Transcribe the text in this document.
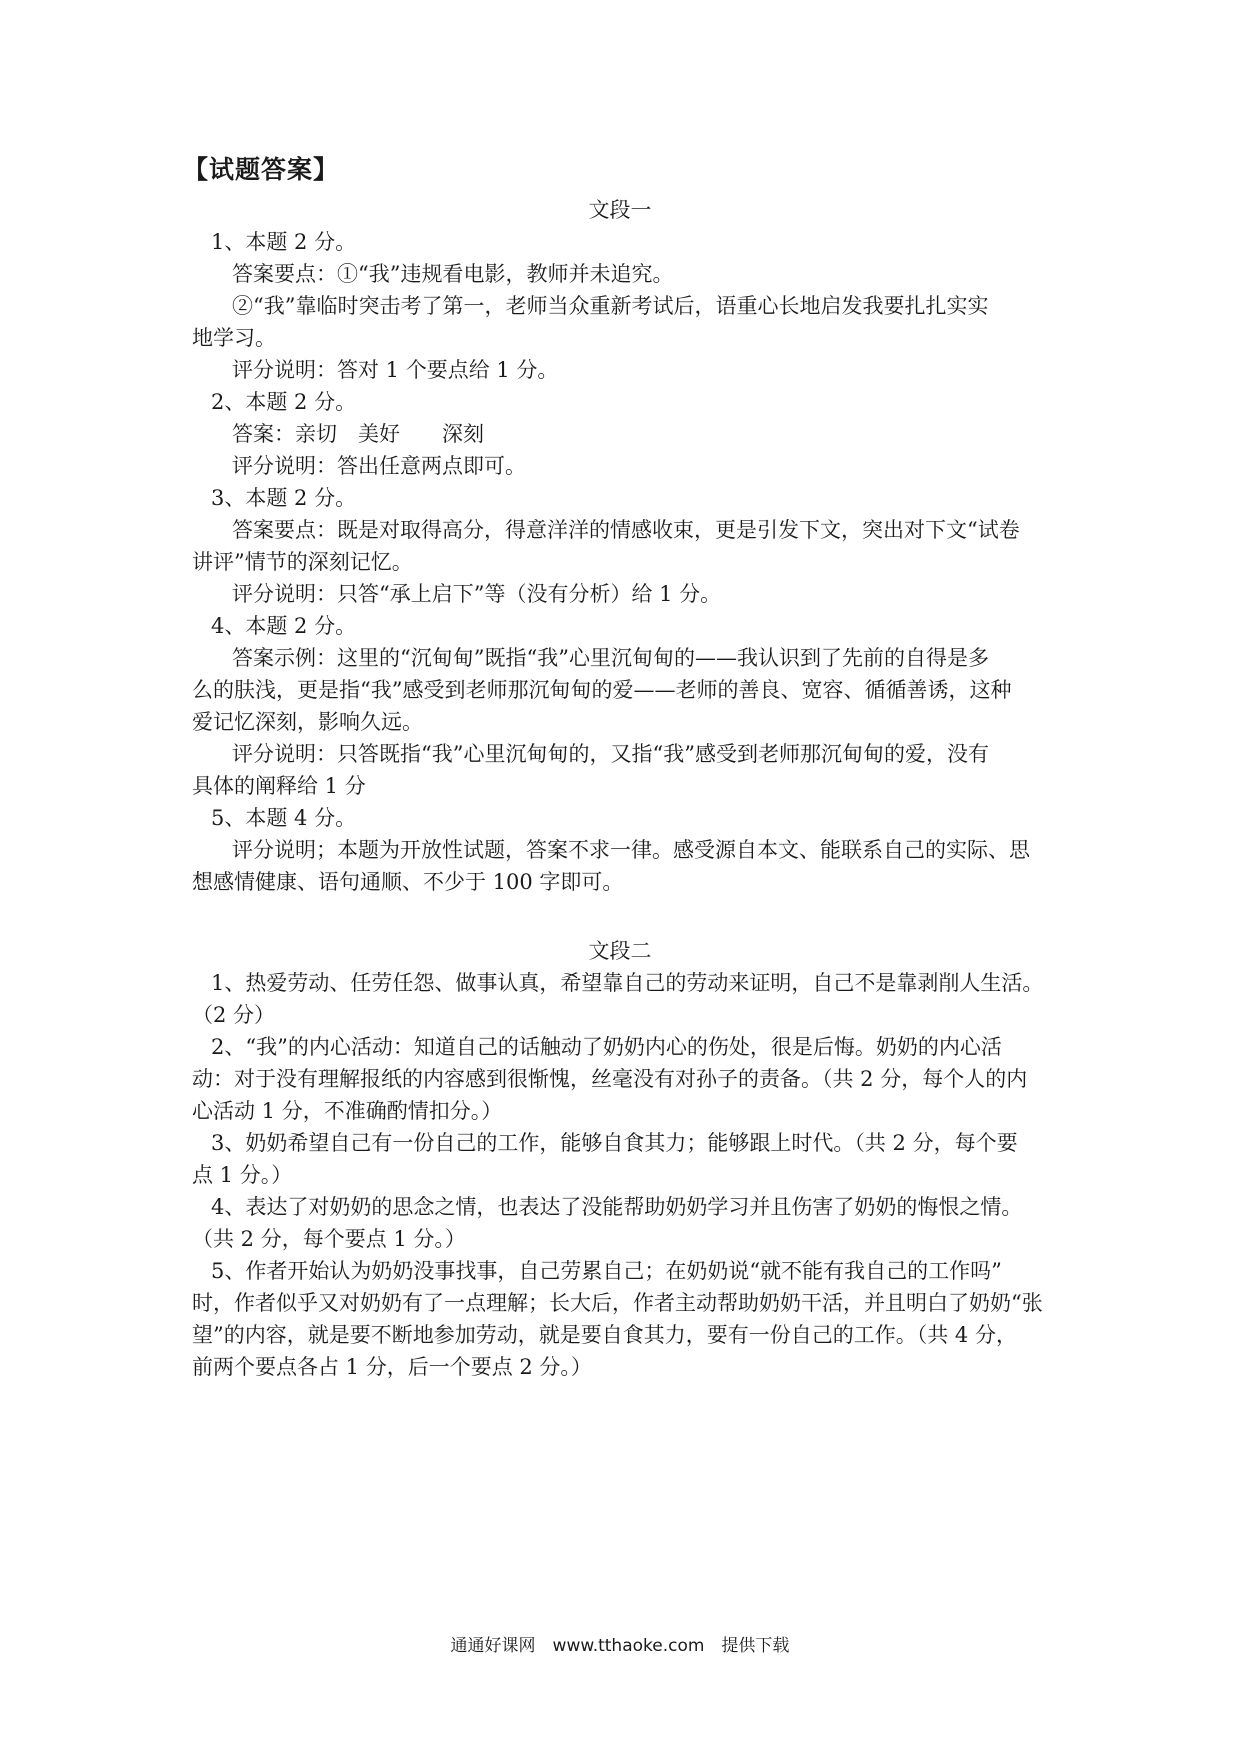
【试题答案】
文段一
1、本题 2 分。
答案要点：①“我”违规看电影，教师并未追究。
②“我”靠临时突击考了第一，老师当众重新考试后，语重心长地启发我要扎扎实实
地学习。
评分说明：答对 1 个要点给 1 分。
2、本题 2 分。
答案：亲切　美好　　深刻
评分说明：答出任意两点即可。
3、本题 2 分。
答案要点：既是对取得高分，得意洋洋的情感收束，更是引发下文，突出对下文“试卷
讲评”情节的深刻记忆。
评分说明：只答“承上启下”等（没有分析）给 1 分。
4、本题 2 分。
答案示例：这里的“沉甸甸”既指“我”心里沉甸甸的——我认识到了先前的自得是多
么的肤浅，更是指“我”感受到老师那沉甸甸的爱——老师的善良、宽容、循循善诱，这种
爱记忆深刻，影响久远。
评分说明：只答既指“我”心里沉甸甸的，又指“我”感受到老师那沉甸甸的爱，没有
具体的阐释给 1 分
5、本题 4 分。
评分说明；本题为开放性试题，答案不求一律。感受源自本文、能联系自己的实际、思
想感情健康、语句通顺、不少于 100 字即可。
文段二
1、热爱劳动、任劳任怨、做事认真，希望靠自己的劳动来证明，自己不是靠剥削人生活。
（2 分）
2、“我”的内心活动：知道自己的话触动了奶奶内心的伤处，很是后悔。奶奶的内心活
动：对于没有理解报纸的内容感到很惭愧，丝毫没有对孙子的责备。（共 2 分，每个人的内
心活动 1 分，不准确酌情扣分。）
3、奶奶希望自己有一份自己的工作，能够自食其力；能够跟上时代。（共 2 分，每个要
点 1 分。）
4、表达了对奶奶的思念之情，也表达了没能帮助奶奶学习并且伤害了奶奶的悔恨之情。
（共 2 分，每个要点 1 分。）
5、作者开始认为奶奶没事找事，自己劳累自己；在奶奶说“就不能有我自己的工作吗”
时，作者似乎又对奶奶有了一点理解；长大后，作者主动帮助奶奶干活，并且明白了奶奶“张
望”的内容，就是要不断地参加劳动，就是要自食其力，要有一份自己的工作。（共 4 分，
前两个要点各占 1 分，后一个要点 2 分。）
通通好课网　www.tthaoke.com　提供下载
